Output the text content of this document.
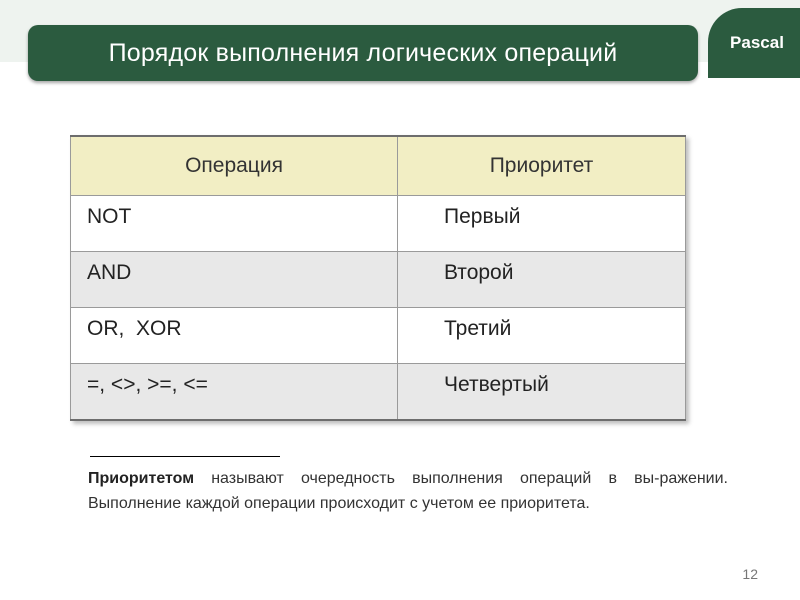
Порядок выполнения логических операций	Pascal
Операция	Приоритет
NOT	Первый
AND	Второй
OR,  XOR	Третий
=, <>, >=, <=	Четвертый
Приоритетом называют очередность выполнения операций в вы-ражении. Выполнение каждой операции происходит с учетом ее приоритета.
12
